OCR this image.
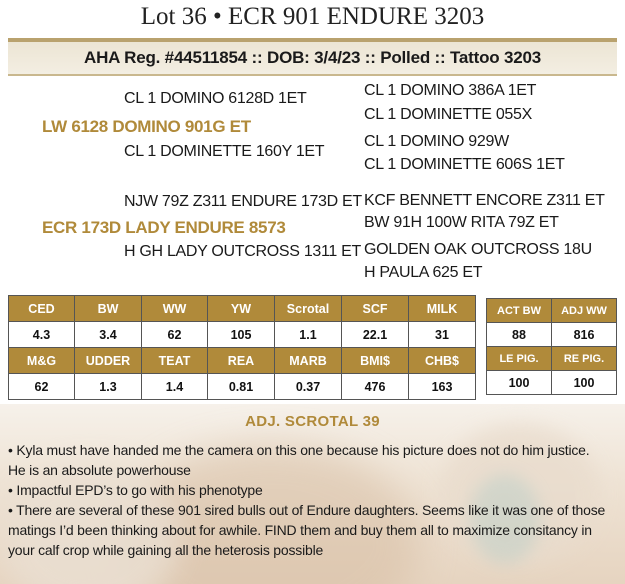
Lot 36 • ECR 901 ENDURE 3203
AHA Reg. #44511854 :: DOB: 3/4/23 :: Polled :: Tattoo 3203
CL 1 DOMINO 6128D 1ET
LW 6128 DOMINO 901G ET
CL 1 DOMINETTE 160Y 1ET
CL 1 DOMINO 386A 1ET
CL 1 DOMINETTE 055X
CL 1 DOMINO 929W
CL 1 DOMINETTE 606S 1ET
NJW 79Z Z311 ENDURE 173D ET
ECR 173D LADY ENDURE 8573
H GH LADY OUTCROSS 1311 ET
KCF BENNETT ENCORE Z311 ET
BW 91H 100W RITA 79Z ET
GOLDEN OAK OUTCROSS 18U
H PAULA 625 ET
CED	BW	WW	YW	Scrotal	SCF	MILK
4.3	3.4	62	105	1.1	22.1	31
M&G	UDDER	TEAT	REA	MARB	BMI$	CHB$
62	1.3	1.4	0.81	0.37	476	163
ACT BW	ADJ WW
88	816
LE PIG.	RE PIG.
100	100
ADJ. SCROTAL 39

• Kyla must have handed me the camera on this one because his picture does not do him justice.

He is an absolute powerhouse

• Impactful EPD’s to go with his phenotype

• There are several of these 901 sired bulls out of Endure daughters. Seems like it was one of those matings I’d been thinking about for awhile. FIND them and buy them all to maximize consitancy in your calf crop while gaining all the heterosis possible
